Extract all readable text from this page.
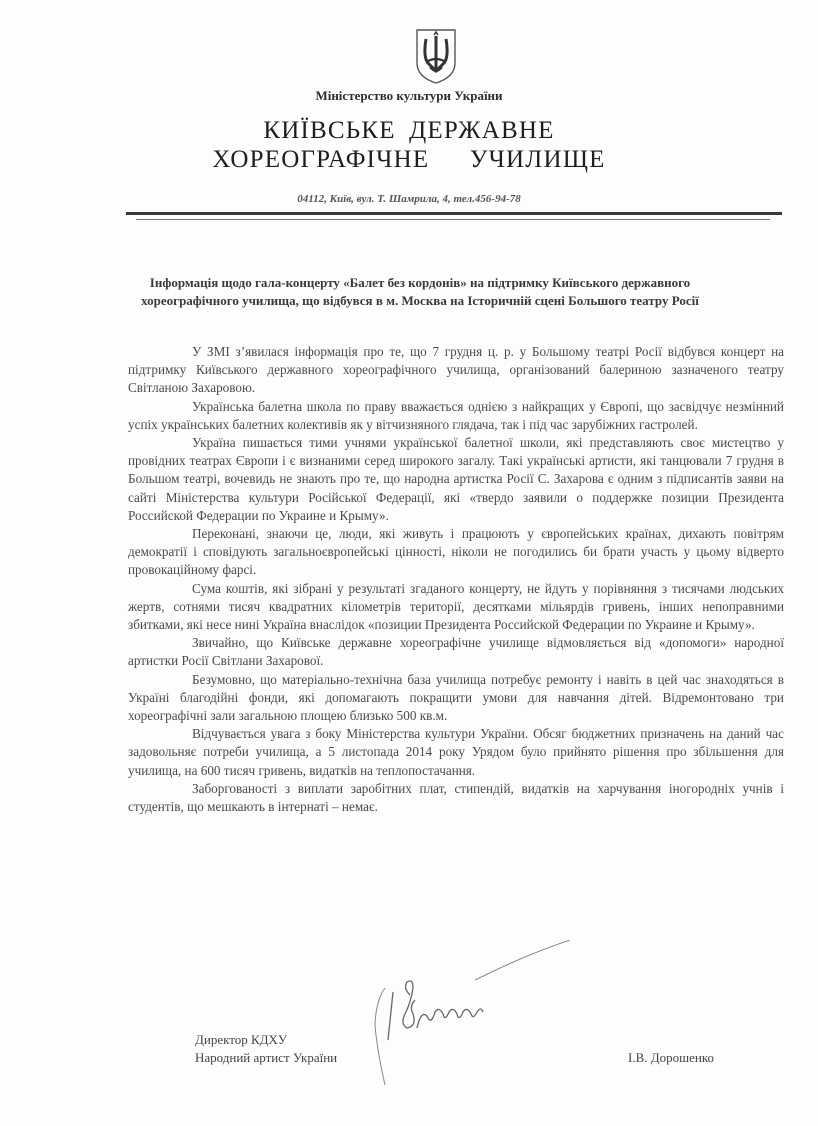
Міністерство культури України
КИЇВСЬКЕ ДЕРЖАВНЕ
ХОРЕОГРАФІЧНЕ   УЧИЛИЩЕ
04112, Київ, вул. Т. Шамрила, 4, тел.456-94-78
Інформація щодо гала-концерту «Балет без кордонів» на підтримку Київського державного хореографічного училища, що відбувся в м. Москва на Історичній сцені Большого театру Росії

У ЗМІ з’явилася інформація про те, що 7 грудня ц. р. у Большому театрі Росії відбувся концерт на підтримку Київського державного хореографічного училища, організований балериною зазначеного театру Світланою Захаровою.

Українська балетна школа по праву вважається однією з найкращих у Європі, що засвідчує незмінний успіх українських балетних колективів як у вітчизняного глядача, так і під час зарубіжних гастролей.

Україна пишається тими учнями української балетної школи, які представляють своє мистецтво у провідних театрах Європи і є визнаними серед широкого загалу. Такі українські артисти, які танцювали 7 грудня в Большом театрі, вочевидь не знають про те, що народна артистка Росії С. Захарова є одним з підписантів заяви на сайті Міністерства культури Російської Федерації, які «твердо заявили о поддержке позиции Президента Российской Федерации по Украине и Крыму».

Переконані, знаючи це, люди, які живуть і працюють у європейських країнах, дихають повітрям демократії і сповідують загальноєвропейські цінності, ніколи не погодились би брати участь у цьому відверто провокаційному фарсі.

Сума коштів, які зібрані у результаті згаданого концерту, не йдуть у порівняння з тисячами людських жертв, сотнями тисяч квадратних кілометрів території, десятками мільярдів гривень, інших непоправними збитками, які несе нині Україна внаслідок «позиции Президента Российской Федерации по Украине и Крыму».

Звичайно, що Київське державне хореографічне училище відмовляється від «допомоги» народної артистки Росії Світлани Захарової.

Безумовно, що матеріально-технічна база училища потребує ремонту і навіть в цей час знаходяться в Україні благодійні фонди, які допомагають покращити умови для навчання дітей. Відремонтовано три хореографічні зали загальною площею близько 500 кв.м.

Відчувається увага з боку Міністерства культури України. Обсяг бюджетних призначень на даний час задовольняє потреби училища, а 5 листопада 2014 року Урядом було прийнято рішення про збільшення для училища, на 600 тисяч гривень, видатків на теплопостачання.

Заборгованості з виплати заробітних плат, стипендій, видатків на харчування іногородніх учнів і студентів, що мешкають в інтернаті – немає.

Директор КДХУ
Народний артист України	І.В. Дорошенко
